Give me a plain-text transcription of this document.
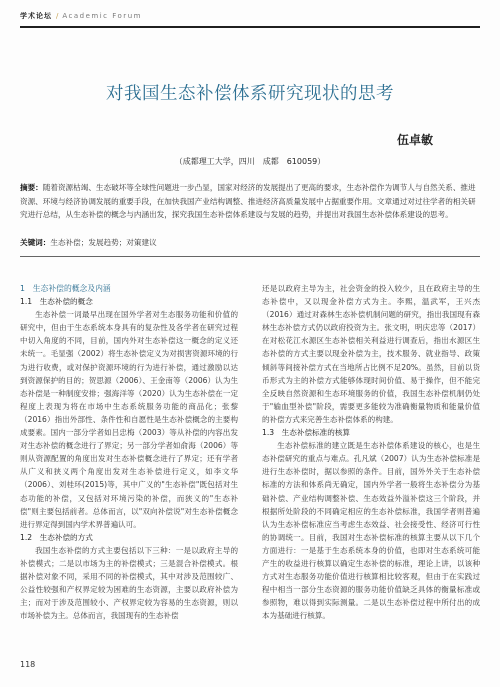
学术论坛 / Academic Forum
对我国生态补偿体系研究现状的思考
伍卓敏
（成都理工大学，四川　成都　610059）
摘要：随着资源枯竭、生态破坏等全球性问题进一步凸显，国家对经济的发展提出了更高的要求，生态补偿作为调节人与自然关系、推进资源、环境与经济协调发展的重要手段，在加快我国产业结构调整、推进经济高质量发展中占据重要作用。文章通过对过往学者的相关研究进行总结，从生态补偿的概念与内涵出发，探究我国生态补偿体系建设与发展的趋势，并提出对我国生态补偿体系建设的思考。
关键词：生态补偿；发展趋势；对策建议
1　生态补偿的概念及内涵
1.1　生态补偿的概念

生态补偿一词最早出现在国外学者对生态服务功能和价值的研究中，但由于生态系统本身具有的复杂性及各学者在研究过程中切入角度的不同，目前，国内外对生态补偿这一概念的定义还未统一。毛显强（2002）将生态补偿定义为对损害资源环境的行为进行收费，或对保护资源环境的行为进行补偿，通过激励以达到资源保护的目的；贺思源（2006）、王金南等（2006）认为生态补偿是一种制度安排；强海洋等（2020）认为生态补偿在一定程度上表现为将在市场中生态系统服务功能的商品化；张黎（2016）指出外部性、条件性和自愿性是生态补偿概念的主要构成要素。国内一部分学者如吕忠梅（2003）等从补偿的内容出发对生态补偿的概念进行了界定；另一部分学者如俞海（2006）等则从资源配置的角度出发对生态补偿概念进行了界定；还有学者从广义和狭义两个角度出发对生态补偿进行定义，如李文华（2006）、刘桂环(2015)等，其中广义的"生态补偿"既包括对生态功能的补偿，又包括对环境污染的补偿，而狭义的"生态补偿"则主要包括前者。总体而言，以"双向补偿说"对生态补偿概念进行界定得到国内学术界普遍认可。

1.2　生态补偿的方式

我国生态补偿的方式主要包括以下三种：一是以政府主导的补偿模式；二是以市场为主的补偿模式；三是混合补偿模式。根据补偿对象不同，采用不同的补偿模式，其中对涉及范围较广、公益性较强和产权界定较为困难的生态资源，主要以政府补偿为主；而对于涉及范围较小、产权界定较为容易的生态资源，则以市场补偿为主。总体而言，我国现有的生态补偿

还是以政府主导为主，社会资金的投入较少，且在政府主导的生态补偿中，又以现金补偿方式为主。李熙，温武军，王兴杰（2016）通过对森林生态补偿机制问题的研究，指出我国现有森林生态补偿方式仍以政府投资为主。张文明，明庆忠等（2017）在对松花江水源区生态补偿相关利益进行调查后，指出水源区生态补偿的方式主要以现金补偿为主，技术服务、就业指导、政策倾斜等间接补偿方式在当地所占比例不足20%。虽然，目前以货币形式为主的补偿方式能够体现时间价值、易于操作，但不能完全反映自然资源和生态环境服务的价值，我国生态补偿机制仍处于"输血型补偿"阶段，需要更多能较为准确衡量物质和能量价值的补偿方式来完善生态补偿体系的构建。

1.3　生态补偿标准的核算

生态补偿标准的建立既是生态补偿体系建设的核心，也是生态补偿研究的重点与难点。孔凡斌（2007）认为生态补偿标准是进行生态补偿时，据以参照的条件。目前，国外外关于生态补偿标准的方法和体系尚无确定，国内外学者一般将生态补偿分为基础补偿、产业结构调整补偿、生态效益外溢补偿这三个阶段，并根据所处阶段的不同确定相应的生态补偿标准，我国学者则普遍认为生态补偿标准应当考虑生态效益、社会接受性、经济可行性的协调统一。目前，我国对生态补偿标准的核算主要从以下几个方面进行：一是基于生态系统本身的价值，也即对生态系统可能产生的收益进行核算以确定生态补偿的标准，理论上讲，以该种方式对生态服务功能价值进行核算相比较客观，但由于在实践过程中相当一部分生态资源的服务功能价值缺乏具体的衡量标准或参照物，难以得到实际测量。二是以生态补偿过程中所付出的成本为基础进行核算。

118
